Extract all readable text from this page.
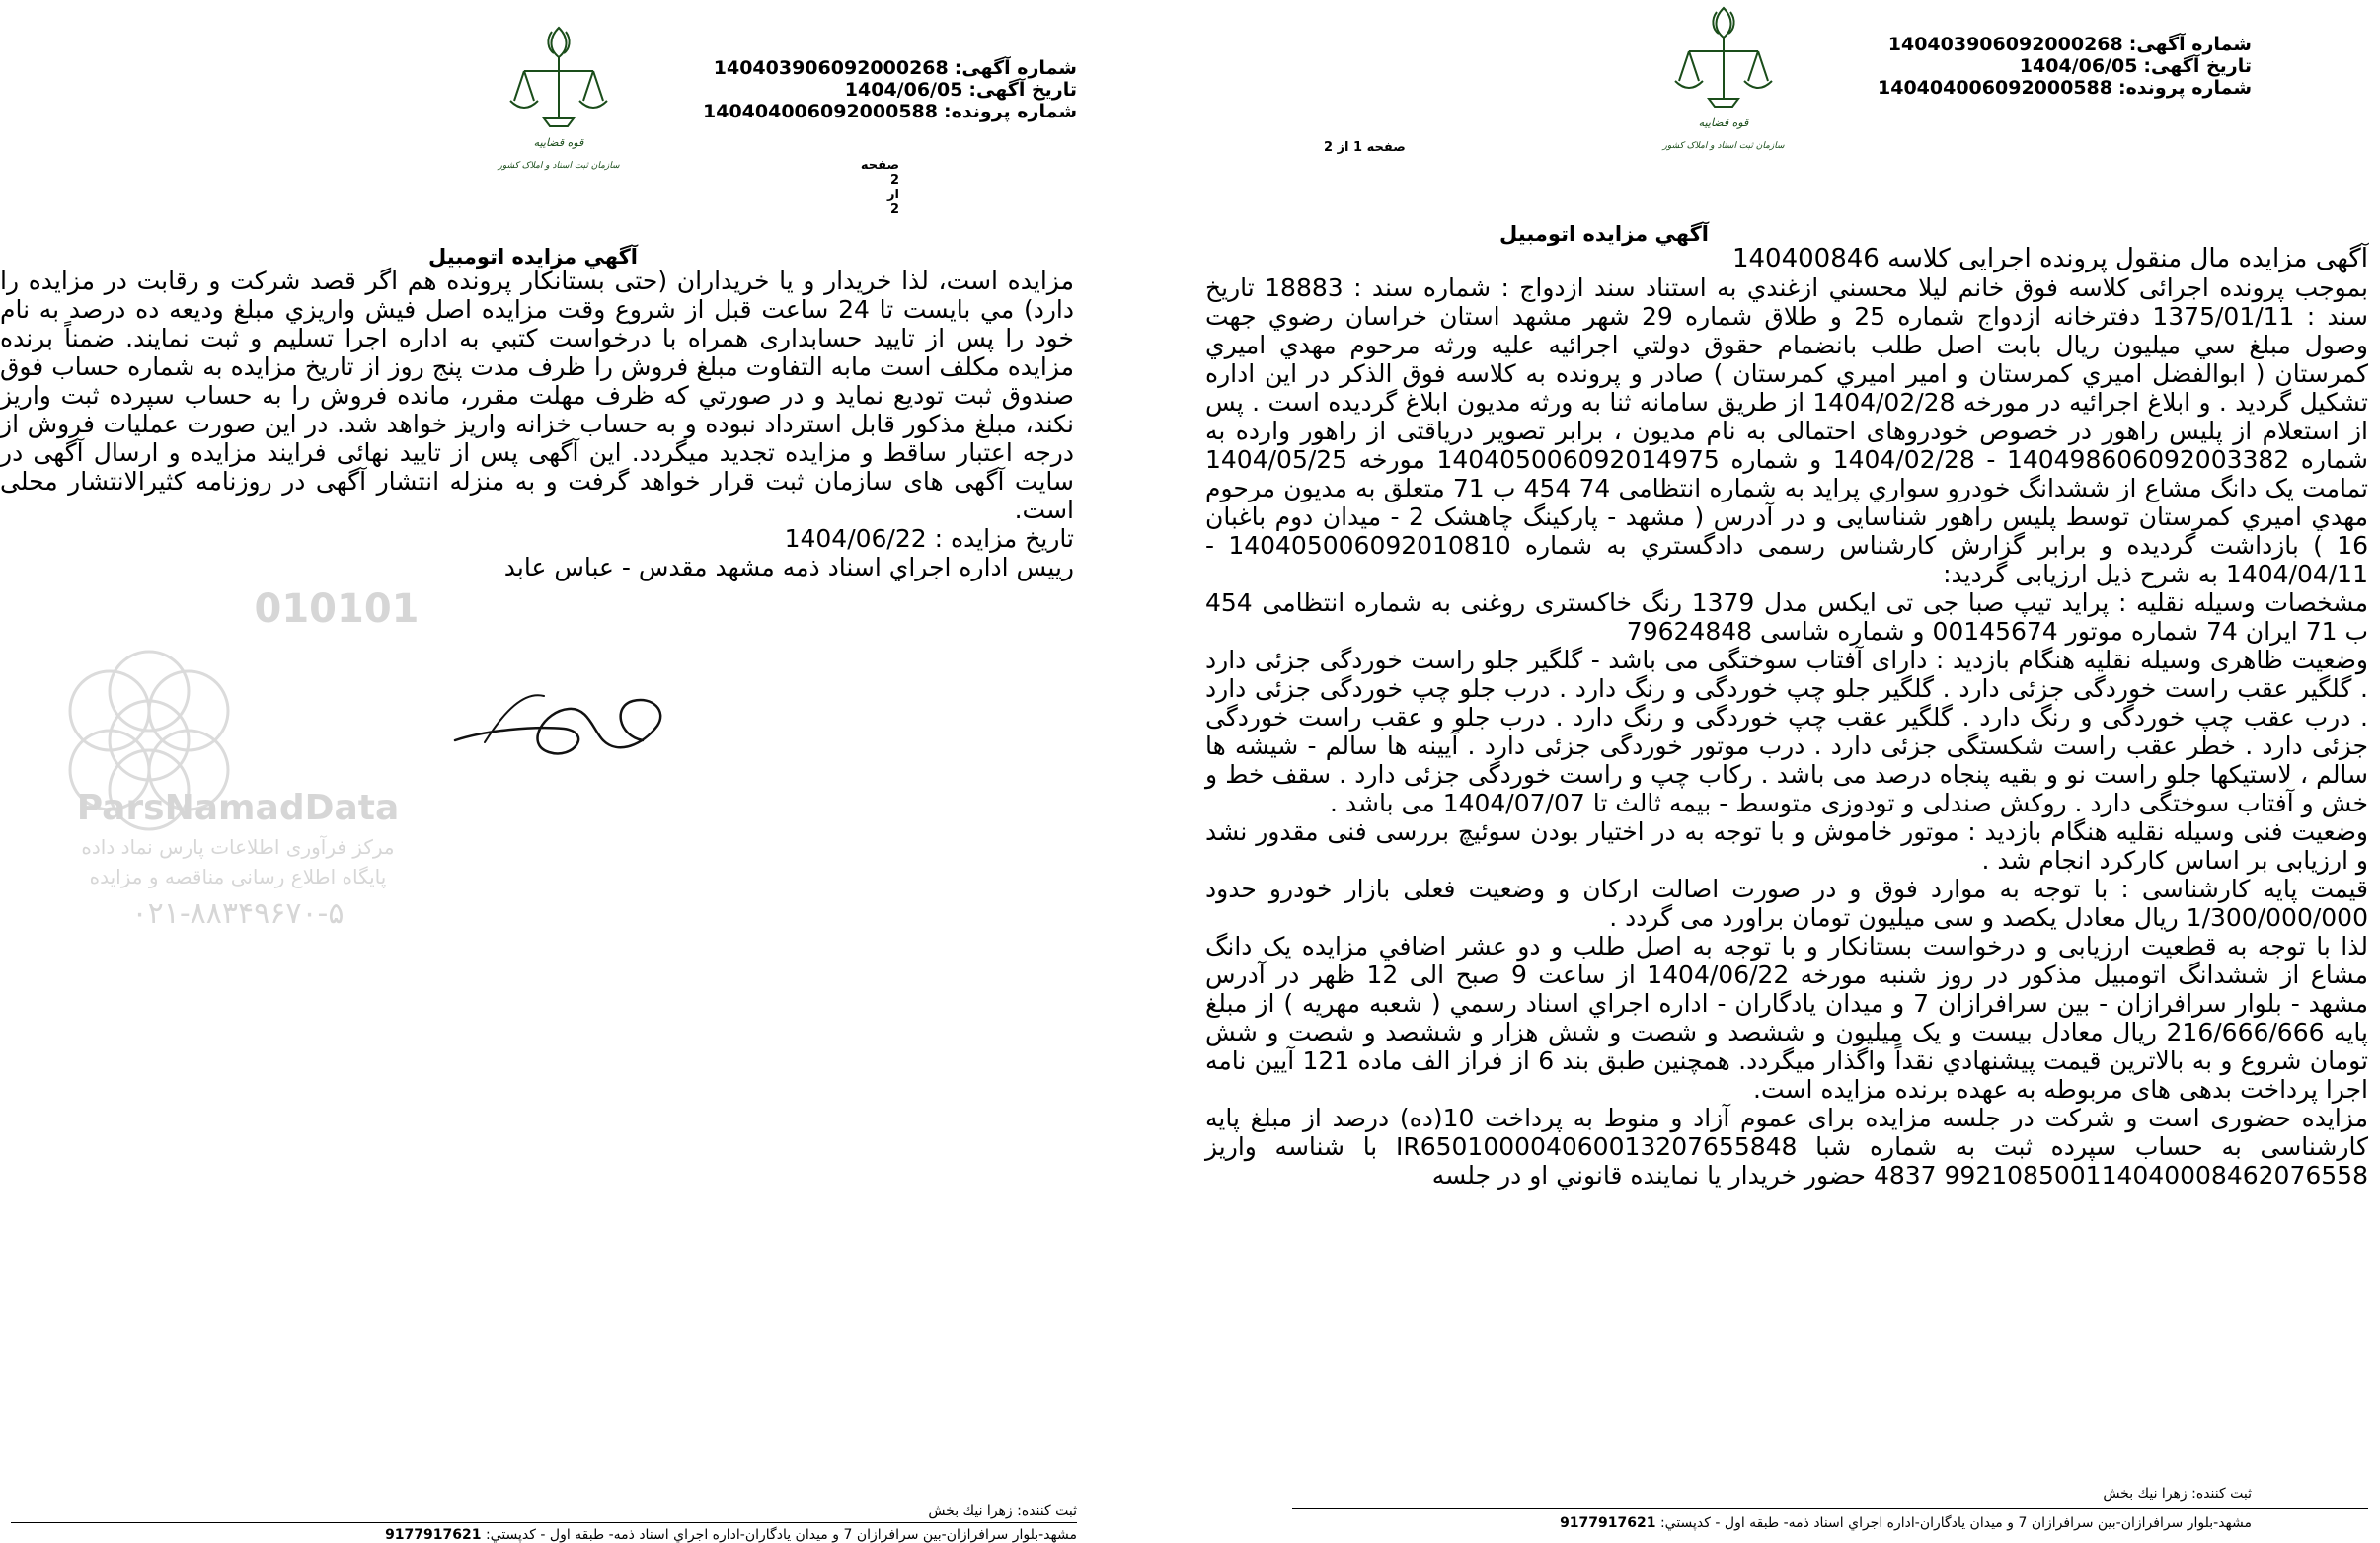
قوه قضاييه
سازمان ثبت اسناد و املاک کشور
شماره آگهی:140403906092000268
تاريخ آگهی:1404/06/05
شماره پرونده:140404006092000588
صفحه 1 از 2
آگهي مزايده اتومبيل

آگهی مزايده مال منقول پرونده اجرايی کلاسه 140400846

بموجب پرونده اجرائی کلاسه فوق خانم ليلا محسني ازغندي به استناد سند ازدواج : شماره سند : 18883 تاريخ سند : 1375/01/11 دفترخانه ازدواج شماره 25 و طلاق شماره 29 شهر مشهد استان خراسان رضوي جهت وصول مبلغ سي ميليون ريال بابت اصل طلب بانضمام حقوق دولتي اجرائيه عليه ورثه مرحوم مهدي اميري کمرستان ( ابوالفضل اميري کمرستان و امير اميري کمرستان ) صادر و پرونده به کلاسه فوق الذکر در اين اداره تشکيل گرديد . و ابلاغ اجرائيه در مورخه 1404/02/28 از طريق سامانه ثنا به ورثه مدیون ابلاغ گرديده است . پس از استعلام از پليس راهور در خصوص خودروهای احتمالی به نام مديون ، برابر تصوير درياقتی از راهور وارده به شماره 140498606092003382 - 1404/02/28 و شماره 140405006092014975 مورخه 1404/05/25 تمامت يک دانگ مشاع از ششدانگ خودرو سواري پرايد به شماره انتظامی 74 454 ب 71 متعلق به مديون مرحوم مهدي اميري کمرستان توسط پليس راهور شناسايی و در آدرس ( مشهد - پارکينگ چاهشک 2 - ميدان دوم باغبان 16 ) بازداشت گرديده و برابر گزارش کارشناس رسمی دادگستري به شماره 140405006092010810 - 1404/04/11 به شرح ذيل ارزيابی گرديد:

مشخصات وسيله نقليه : پرايد تيپ صبا جی تی ايکس مدل 1379 رنگ خاکستری روغنی به شماره انتظامی 454 ب 71 ايران 74 شماره موتور 00145674 و شماره شاسی 79624848

وضعيت ظاهری وسيله نقليه هنگام بازديد : دارای آفتاب سوختگی می باشد - گلگير جلو راست خوردگی جزئی دارد . گلگير عقب راست خوردگی جزئی دارد . گلگير جلو چپ خوردگی و رنگ دارد . درب جلو چپ خوردگی جزئی دارد . درب عقب چپ خوردگی و رنگ دارد . گلگير عقب چپ خوردگی و رنگ دارد . درب جلو و عقب راست خوردگی جزئی دارد . خطر عقب راست شکستگی جزئی دارد . درب موتور خوردگی جزئی دارد . آيينه ها سالم - شيشه ها سالم ، لاستيکها جلو راست نو و بقيه پنجاه درصد می باشد . رکاب چپ و راست خوردگی جزئی دارد . سقف خط و خش و آفتاب سوختگی دارد . روکش صندلی و تودوزی متوسط - بيمه ثالث تا 1404/07/07 می باشد .

وضعيت فنی وسيله نقليه هنگام بازديد : موتور خاموش و با توجه به در اختيار بودن سوئيچ بررسی فنی مقدور نشد و ارزيابی بر اساس کارکرد انجام شد .

قيمت پايه کارشناسی : با توجه به موارد فوق و در صورت اصالت ارکان و وضعيت فعلی بازار خودرو حدود 1/300/000/000 ريال معادل يکصد و سی ميليون تومان براورد می گردد .

لذا با توجه به قطعيت ارزيابی و درخواست بستانکار و با توجه به اصل طلب و دو عشر اضافي مزايده يک دانگ مشاع از ششدانگ اتومبيل مذکور در روز شنبه مورخه 1404/06/22 از ساعت 9 صبح الی 12 ظهر در آدرس مشهد - بلوار سرافرازان - بين سرافرازان 7 و ميدان يادگاران - اداره اجراي اسناد رسمي ( شعبه مهريه ) از مبلغ پايه 216/666/666 ريال معادل بيست و يک ميليون و ششصد و شصت و شش هزار و ششصد و شصت و شش تومان شروع و به بالاترين قيمت پيشنهادي نقداً واگذار ميگردد. همچنين طبق بند 6 از فراز الف ماده 121 آيين نامه اجرا پرداخت بدهی های مربوطه به عهده برنده مزايده است.

مزايده حضوری است و شرکت در جلسه مزايده برای عموم آزاد و منوط به پرداخت 10(ده) درصد از مبلغ پايه کارشناسی به حساب سپرده ثبت به شماره شبا IR650100004060013207655848 با شناسه واريز 992108500114040008462076558 4837 حضور خريدار يا نماينده قانوني او در جلسه

ثبت كننده: زهرا نيك بخش
مشهد-بلوار سرافرازان-بين سرافرازان 7 و ميدان يادگاران-اداره اجراي اسناد ذمه- طبقه اول - كدپستي: 9177917621
قوه قضاييه
سازمان ثبت اسناد و املاک کشور
شماره آگهی:140403906092000268
تاريخ آگهی:1404/06/05
شماره پرونده:140404006092000588
صفحه 2 از 2
آگهي مزايده اتومبيل

مزايده است، لذا خريدار و يا خريداران (حتی بستانکار پرونده هم اگر قصد شرکت و رقابت در مزايده را دارد) مي بايست تا 24 ساعت قبل از شروع وقت مزايده اصل فيش واريزي مبلغ وديعه ده درصد به نام خود را پس از تاييد حسابداری همراه با درخواست کتبي به اداره اجرا تسليم و ثبت نمايند. ضمناً برنده مزايده مکلف است مابه التفاوت مبلغ فروش را ظرف مدت پنج روز از تاريخ مزايده به شماره حساب فوق صندوق ثبت توديع نمايد و در صورتي که ظرف مهلت مقرر، مانده فروش را به حساب سپرده ثبت واريز نکند، مبلغ مذکور قابل استرداد نبوده و به حساب خزانه واريز خواهد شد. در اين صورت عمليات فروش از درجه اعتبار ساقط و مزايده تجديد ميگردد. اين آگهی پس از تاييد نهائی فرايند مزايده و ارسال آگهی در سايت آگهی های سازمان ثبت قرار خواهد گرفت و به منزله انتشار آگهی در روزنامه کثيرالانتشار محلی است.

تاريخ مزايده : 1404/06/22

رييس اداره اجراي اسناد ذمه مشهد مقدس - عباس عابد

010101
ParsNamadData
مرکز فرآوری اطلاعات پارس نماد داده
پایگاه اطلاع رسانی مناقصه و مزایده
۰۲۱-۸۸۳۴۹۶۷۰-۵
ثبت كننده: زهرا نيك بخش
مشهد-بلوار سرافرازان-بين سرافرازان 7 و ميدان يادگاران-اداره اجراي اسناد ذمه- طبقه اول - كدپستي: 9177917621
